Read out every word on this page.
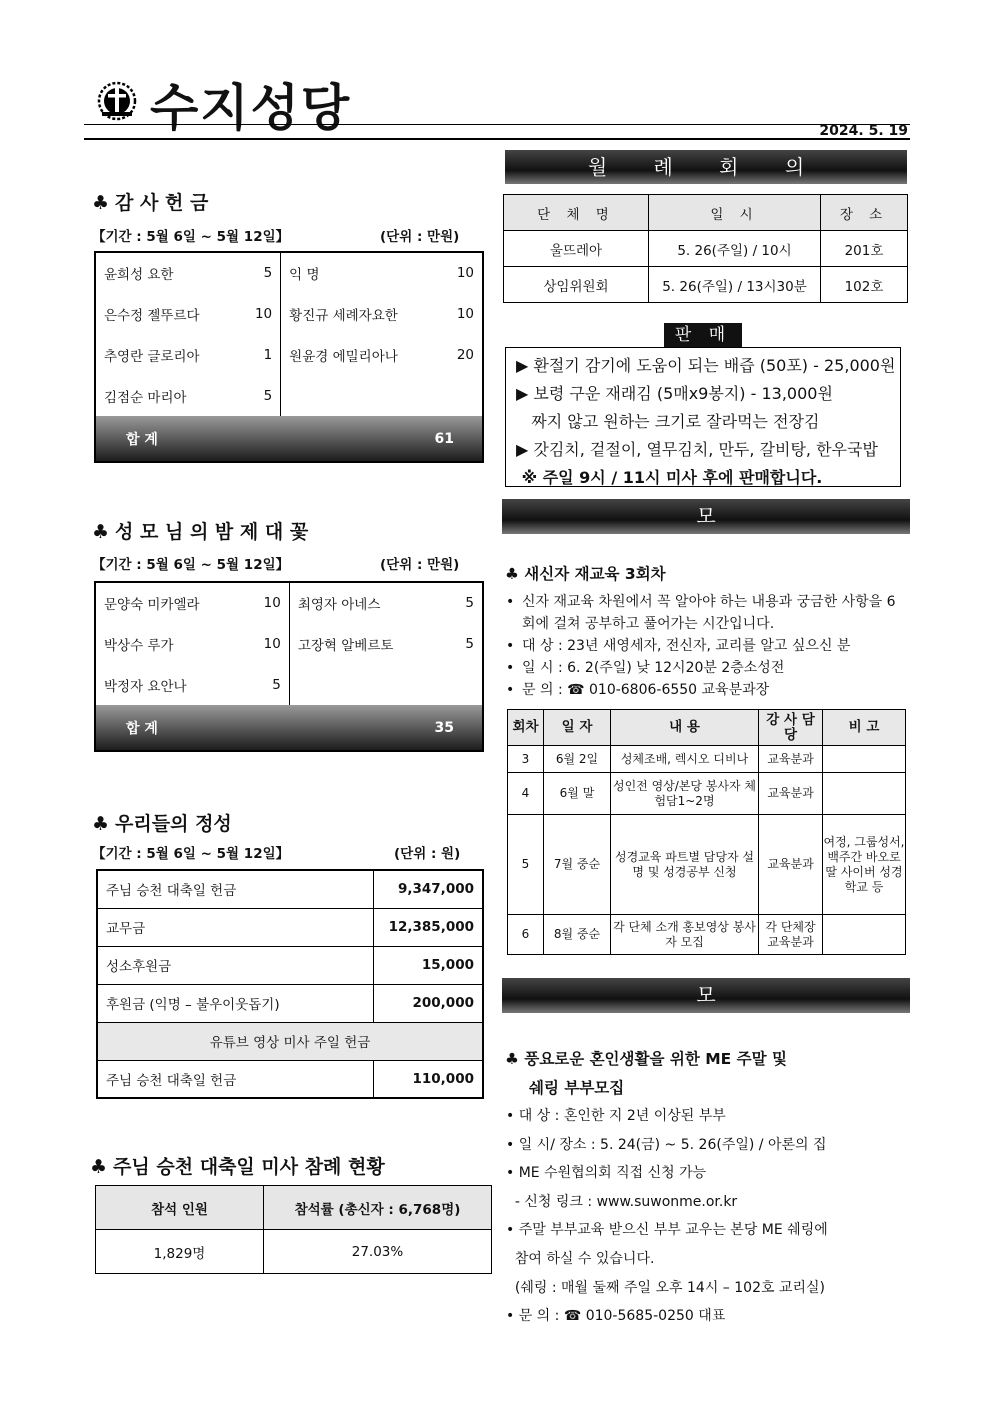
수지성당	2024. 5. 19
♣ 감 사 헌 금
【기간 : 5월 6일 ~ 5월 12일】	(단위 : 만원)
윤희성 요한	5	익 명	10
은수정 젤뚜르다	10	황진규 세례자요한	10
추영란 글로리아	1	원윤경 에밀리아나	20
김점순 마리아	5		
합 계		61	
♣ 성 모 님 의 밤 제 대 꽃
【기간 : 5월 6일 ~ 5월 12일】	(단위 : 만원)
문양숙 미카엘라	10	최영자 아네스	5
박상수 루가	10	고장혁 알베르토	5
박정자 요안나	5		
합 계		35	
♣ 우리들의 정성
【기간 : 5월 6일 ~ 5월 12일】	(단위 : 원)
주님 승천 대축일 헌금	9,347,000
교무금	12,385,000
성소후원금	15,000
후원금 (익명 – 불우이웃돕기)	200,000
유튜브 영상 미사 주일 헌금	
주님 승천 대축일 헌금	110,000
♣ 주님 승천 대축일 미사 참례 현황
참석 인원	참석률 (총신자 : 6,768명)
1,829명	27.03%
월 례 회 의
단 체 명	일 시	장 소
울뜨레아	5. 26(주일) / 10시	201호
상임위원회	5. 26(주일) / 13시30분	102호
판 매
▶ 환절기 감기에 도움이 되는 배즙 (50포) - 25,000원
▶ 보령 구운 재래김 (5매x9봉지) - 13,000원
짜지 않고 원하는 크기로 잘라먹는 전장김
▶ 갓김치, 겉절이, 열무김치, 만두, 갈비탕, 한우국밥
※ 주일 9시 / 11시 미사 후에 판매합니다.
모 집
♣ 새신자 재교육 3회차
• 신자 재교육 차원에서 꼭 알아야 하는 내용과 궁금한 사항을 6회에 걸쳐 공부하고 풀어가는 시간입니다.
• 대 상 : 23년 새영세자, 전신자, 교리를 알고 싶으신 분
• 일 시 : 6. 2(주일) 낮 12시20분 2층소성전
• 문 의 : ☎ 010-6806-6550 교육분과장
회차	일 자	내 용	강 사 담 당	비 고
3	6월 2일	성체조배, 렉시오 디비나	교육분과	
4	6월 말	성인전 영상/본당 봉사자 체험담1~2명	교육분과	
5	7월 중순	성경교육 파트별 담당자 설명 및 성경공부 신청	교육분과	여정, 그룹성서, 백주간 바오로딸 사이버 성경학교 등
6	8월 중순	각 단체 소개 홍보영상 봉사자 모집	각 단체장 교육분과	
모 집
♣ 풍요로운 혼인생활을 위한 ME 주말 및
쉐링 부부모집
• 대 상 : 혼인한 지 2년 이상된 부부
• 일 시/ 장소 : 5. 24(금) ~ 5. 26(주일) / 아론의 집
• ME 수원협의회 직접 신청 가능
- 신청 링크 : www.suwonme.or.kr
• 주말 부부교육 받으신 부부 교우는 본당 ME 쉐링에
참여 하실 수 있습니다.
(쉐링 : 매월 둘째 주일 오후 14시 – 102호 교리실)
• 문 의 : ☎ 010-5685-0250 대표
